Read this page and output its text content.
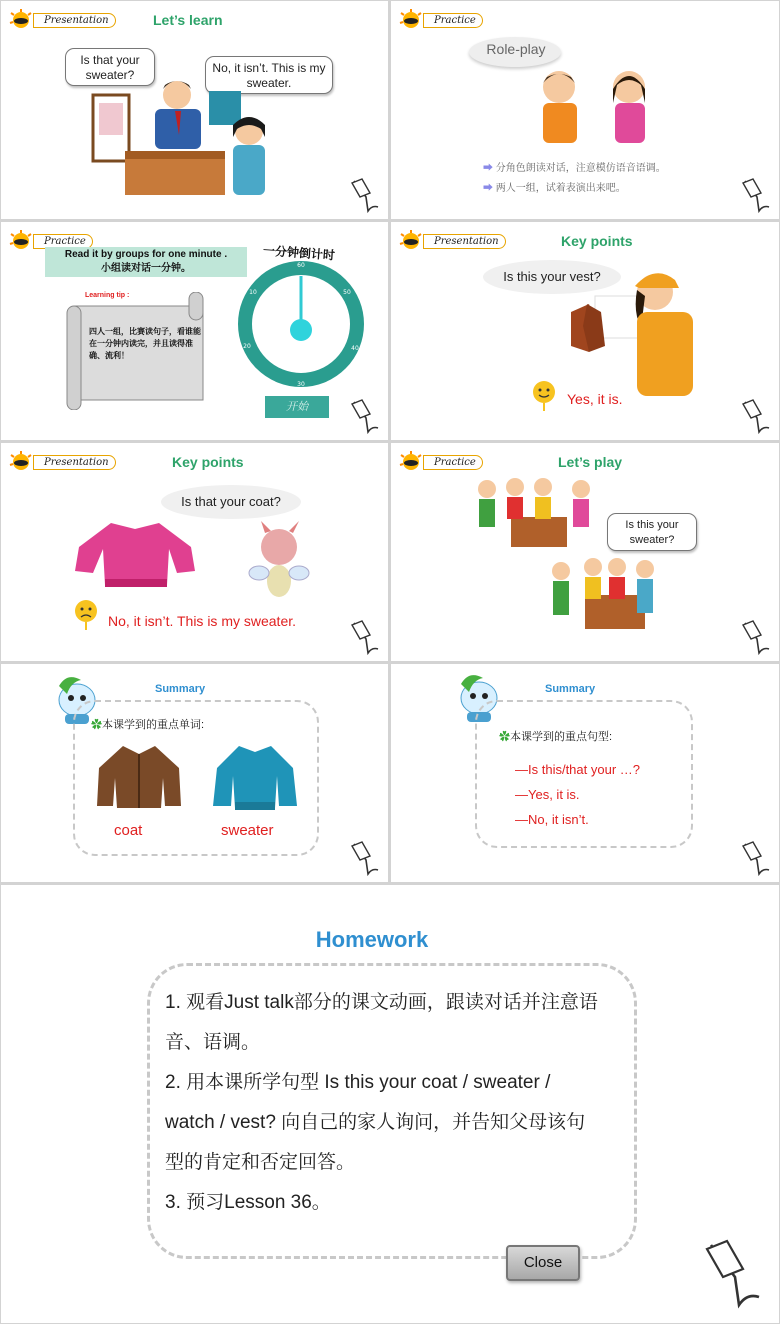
Presentation	Let’s learn
Is that your sweater?	No, it isn’t. This is my sweater.
Practice
Role-play
➡ 分角色朗读对话，注意模仿语音语调。
➡ 两人一组，试着表演出来吧。
Practice
Read it by groups for one minute .
小组读对话一分钟。
Learning tip :
四人一组，比赛读句子，看谁能在一分钟内读完，并且读得准确、流利！
一分钟倒计时
60
50
40
30
20
10
开始
Presentation	Key points
Is this your vest?
Yes, it is.
Presentation	Key points
Is that your coat?
No, it isn’t. This is my sweater.
Practice	Let’s play
Is this your sweater?
Summary
✿本课学到的重点单词:
coat	sweater
Summary
✿本课学到的重点句型:
—Is this/that your …?
—Yes, it is.
—No, it isn’t.
Homework
1. 观看Just talk部分的课文动画，跟读对话并注意语
音、语调。
2. 用本课所学句型 Is this your coat / sweater /
watch / vest? 向自己的家人询问，并告知父母该句
型的肯定和否定回答。
3. 预习Lesson 36。
Close
